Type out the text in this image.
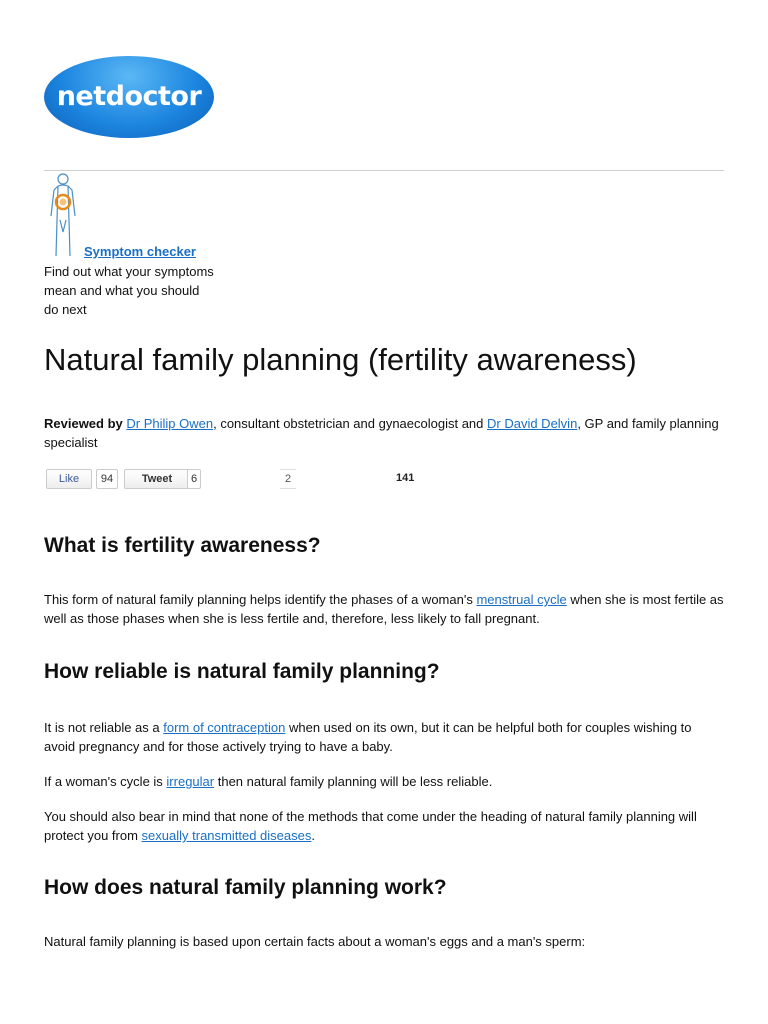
netdoctor
Symptom checker
Find out what your symptoms mean and what you should do next
Natural family planning (fertility awareness)
Reviewed by Dr Philip Owen, consultant obstetrician and gynaecologist and Dr David Delvin, GP and family planning specialist
Like	94	Tweet	6	2	141
What is fertility awareness?

This form of natural family planning helps identify the phases of a woman's menstrual cycle when she is most fertile as well as those phases when she is less fertile and, therefore, less likely to fall pregnant.

How reliable is natural family planning?

It is not reliable as a form of contraception when used on its own, but it can be helpful both for couples wishing to avoid pregnancy and for those actively trying to have a baby.

If a woman's cycle is irregular then natural family planning will be less reliable.

You should also bear in mind that none of the methods that come under the heading of natural family planning will protect you from sexually transmitted diseases.

How does natural family planning work?

Natural family planning is based upon certain facts about a woman's eggs and a man's sperm:
